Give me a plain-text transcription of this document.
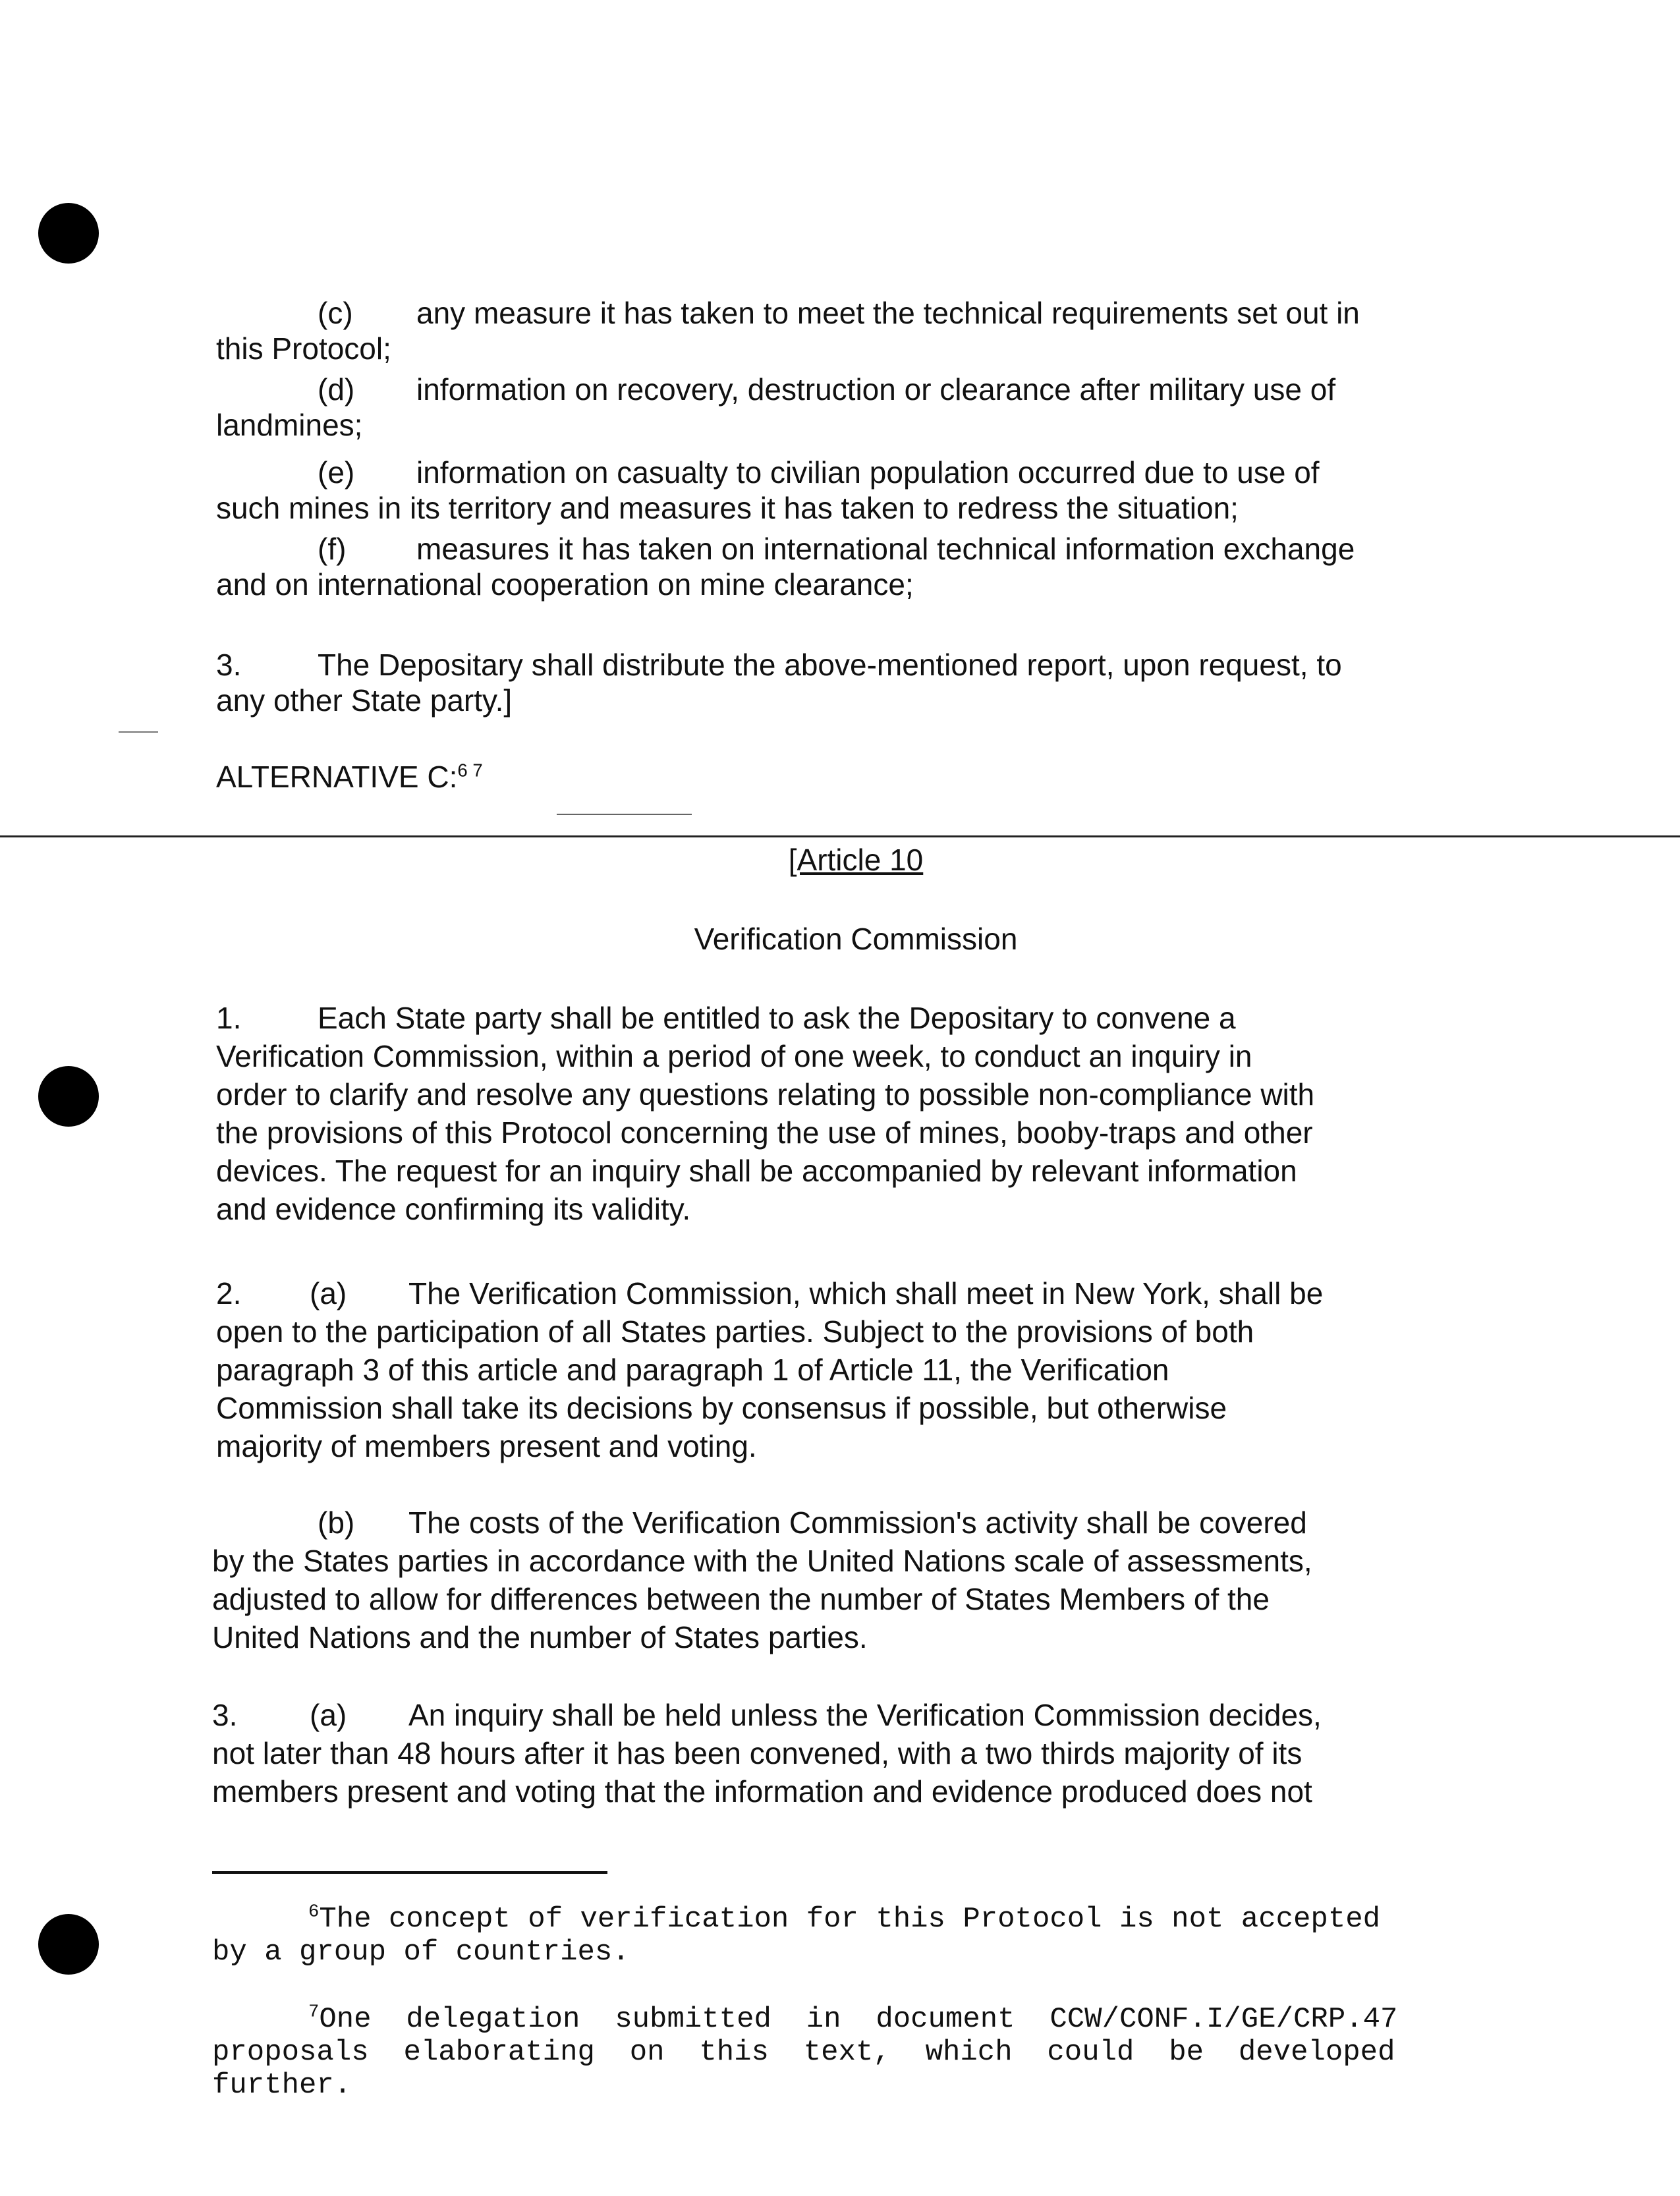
(c) any measure it has taken to meet the technical requirements set out in
this Protocol;
(d) information on recovery, destruction or clearance after military use of
landmines;
(e) information on casualty to civilian population occurred due to use of
such mines in its territory and measures it has taken to redress the situation;
(f) measures it has taken on international technical information exchange
and on international cooperation on mine clearance;
3.	The Depositary shall distribute the above-mentioned report, upon request, to
any other State party.]
ALTERNATIVE C:$^{6 7}$
[Article 10
Verification Commission
1.	Each State party shall be entitled to ask the Depositary to convene a
Verification Commission, within a period of one week, to conduct an inquiry in
order to clarify and resolve any questions relating to possible non-compliance with
the provisions of this Protocol concerning the use of mines, booby-traps and other
devices. The request for an inquiry shall be accompanied by relevant information
and evidence confirming its validity.
2. (a) The Verification Commission, which shall meet in New York, shall be
open to the participation of all States parties. Subject to the provisions of both
paragraph 3 of this article and paragraph 1 of Article 11, the Verification
Commission shall take its decisions by consensus if possible, but otherwise
majority of members present and voting.
(b) The costs of the Verification Commission's activity shall be covered
by the States parties in accordance with the United Nations scale of assessments,
adjusted to allow for differences between the number of States Members of the
United Nations and the number of States parties.
3. (a) An inquiry shall be held unless the Verification Commission decides,
not later than 48 hours after it has been convened, with a two thirds majority of its
members present and voting that the information and evidence produced does not
$^6$The concept of verification for this Protocol is not accepted
by a group of countries.
$^7$One  delegation  submitted  in  document  CCW/CONF.I/GE/CRP.47
proposals  elaborating  on  this  text,  which  could  be  developed
further.
